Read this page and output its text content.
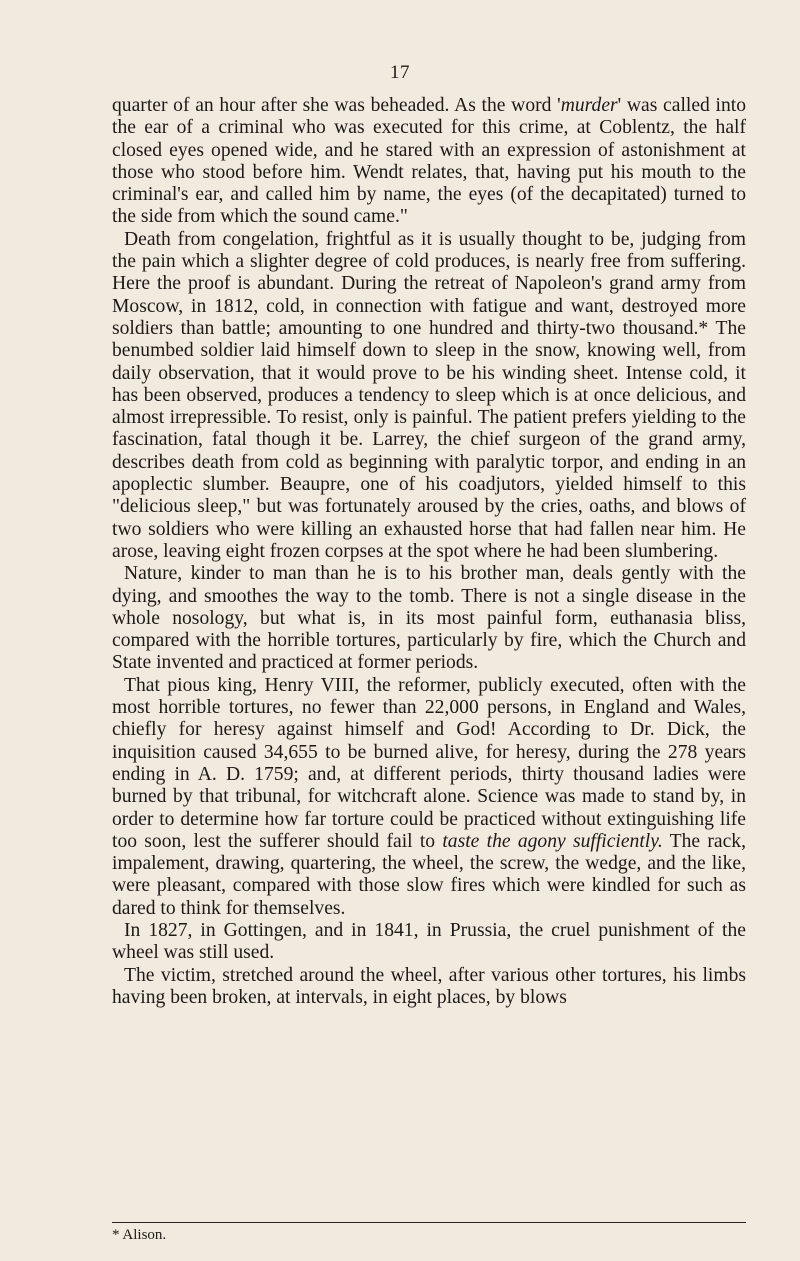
17

quarter of an hour after she was beheaded. As the word 'murder' was called into the ear of a criminal who was executed for this crime, at Coblentz, the half closed eyes opened wide, and he stared with an expression of astonishment at those who stood before him. Wendt relates, that, having put his mouth to the criminal's ear, and called him by name, the eyes (of the decapitated) turned to the side from which the sound came."

Death from congelation, frightful as it is usually thought to be, judging from the pain which a slighter degree of cold produces, is nearly free from suffering. Here the proof is abundant. During the retreat of Napoleon's grand army from Moscow, in 1812, cold, in connection with fatigue and want, destroyed more soldiers than battle; amounting to one hundred and thirty-two thousand.* The benumbed soldier laid himself down to sleep in the snow, knowing well, from daily observation, that it would prove to be his winding sheet. Intense cold, it has been observed, produces a tendency to sleep which is at once delicious, and almost irrepressible. To resist, only is painful. The patient prefers yielding to the fascination, fatal though it be. Larrey, the chief surgeon of the grand army, describes death from cold as beginning with paralytic torpor, and ending in an apoplectic slumber. Beaupre, one of his coadjutors, yielded himself to this "delicious sleep," but was fortunately aroused by the cries, oaths, and blows of two soldiers who were killing an exhausted horse that had fallen near him. He arose, leaving eight frozen corpses at the spot where he had been slumbering.

Nature, kinder to man than he is to his brother man, deals gently with the dying, and smoothes the way to the tomb. There is not a single disease in the whole nosology, but what is, in its most painful form, euthanasia bliss, compared with the horrible tortures, particularly by fire, which the Church and State invented and practiced at former periods.

That pious king, Henry VIII, the reformer, publicly executed, often with the most horrible tortures, no fewer than 22,000 persons, in England and Wales, chiefly for heresy against himself and God! According to Dr. Dick, the inquisition caused 34,655 to be burned alive, for heresy, during the 278 years ending in A. D. 1759; and, at different periods, thirty thousand ladies were burned by that tribunal, for witchcraft alone. Science was made to stand by, in order to determine how far torture could be practiced without extinguishing life too soon, lest the sufferer should fail to taste the agony sufficiently. The rack, impalement, drawing, quartering, the wheel, the screw, the wedge, and the like, were pleasant, compared with those slow fires which were kindled for such as dared to think for themselves.

In 1827, in Gottingen, and in 1841, in Prussia, the cruel punishment of the wheel was still used.

The victim, stretched around the wheel, after various other tortures, his limbs having been broken, at intervals, in eight places, by blows

* Alison.
